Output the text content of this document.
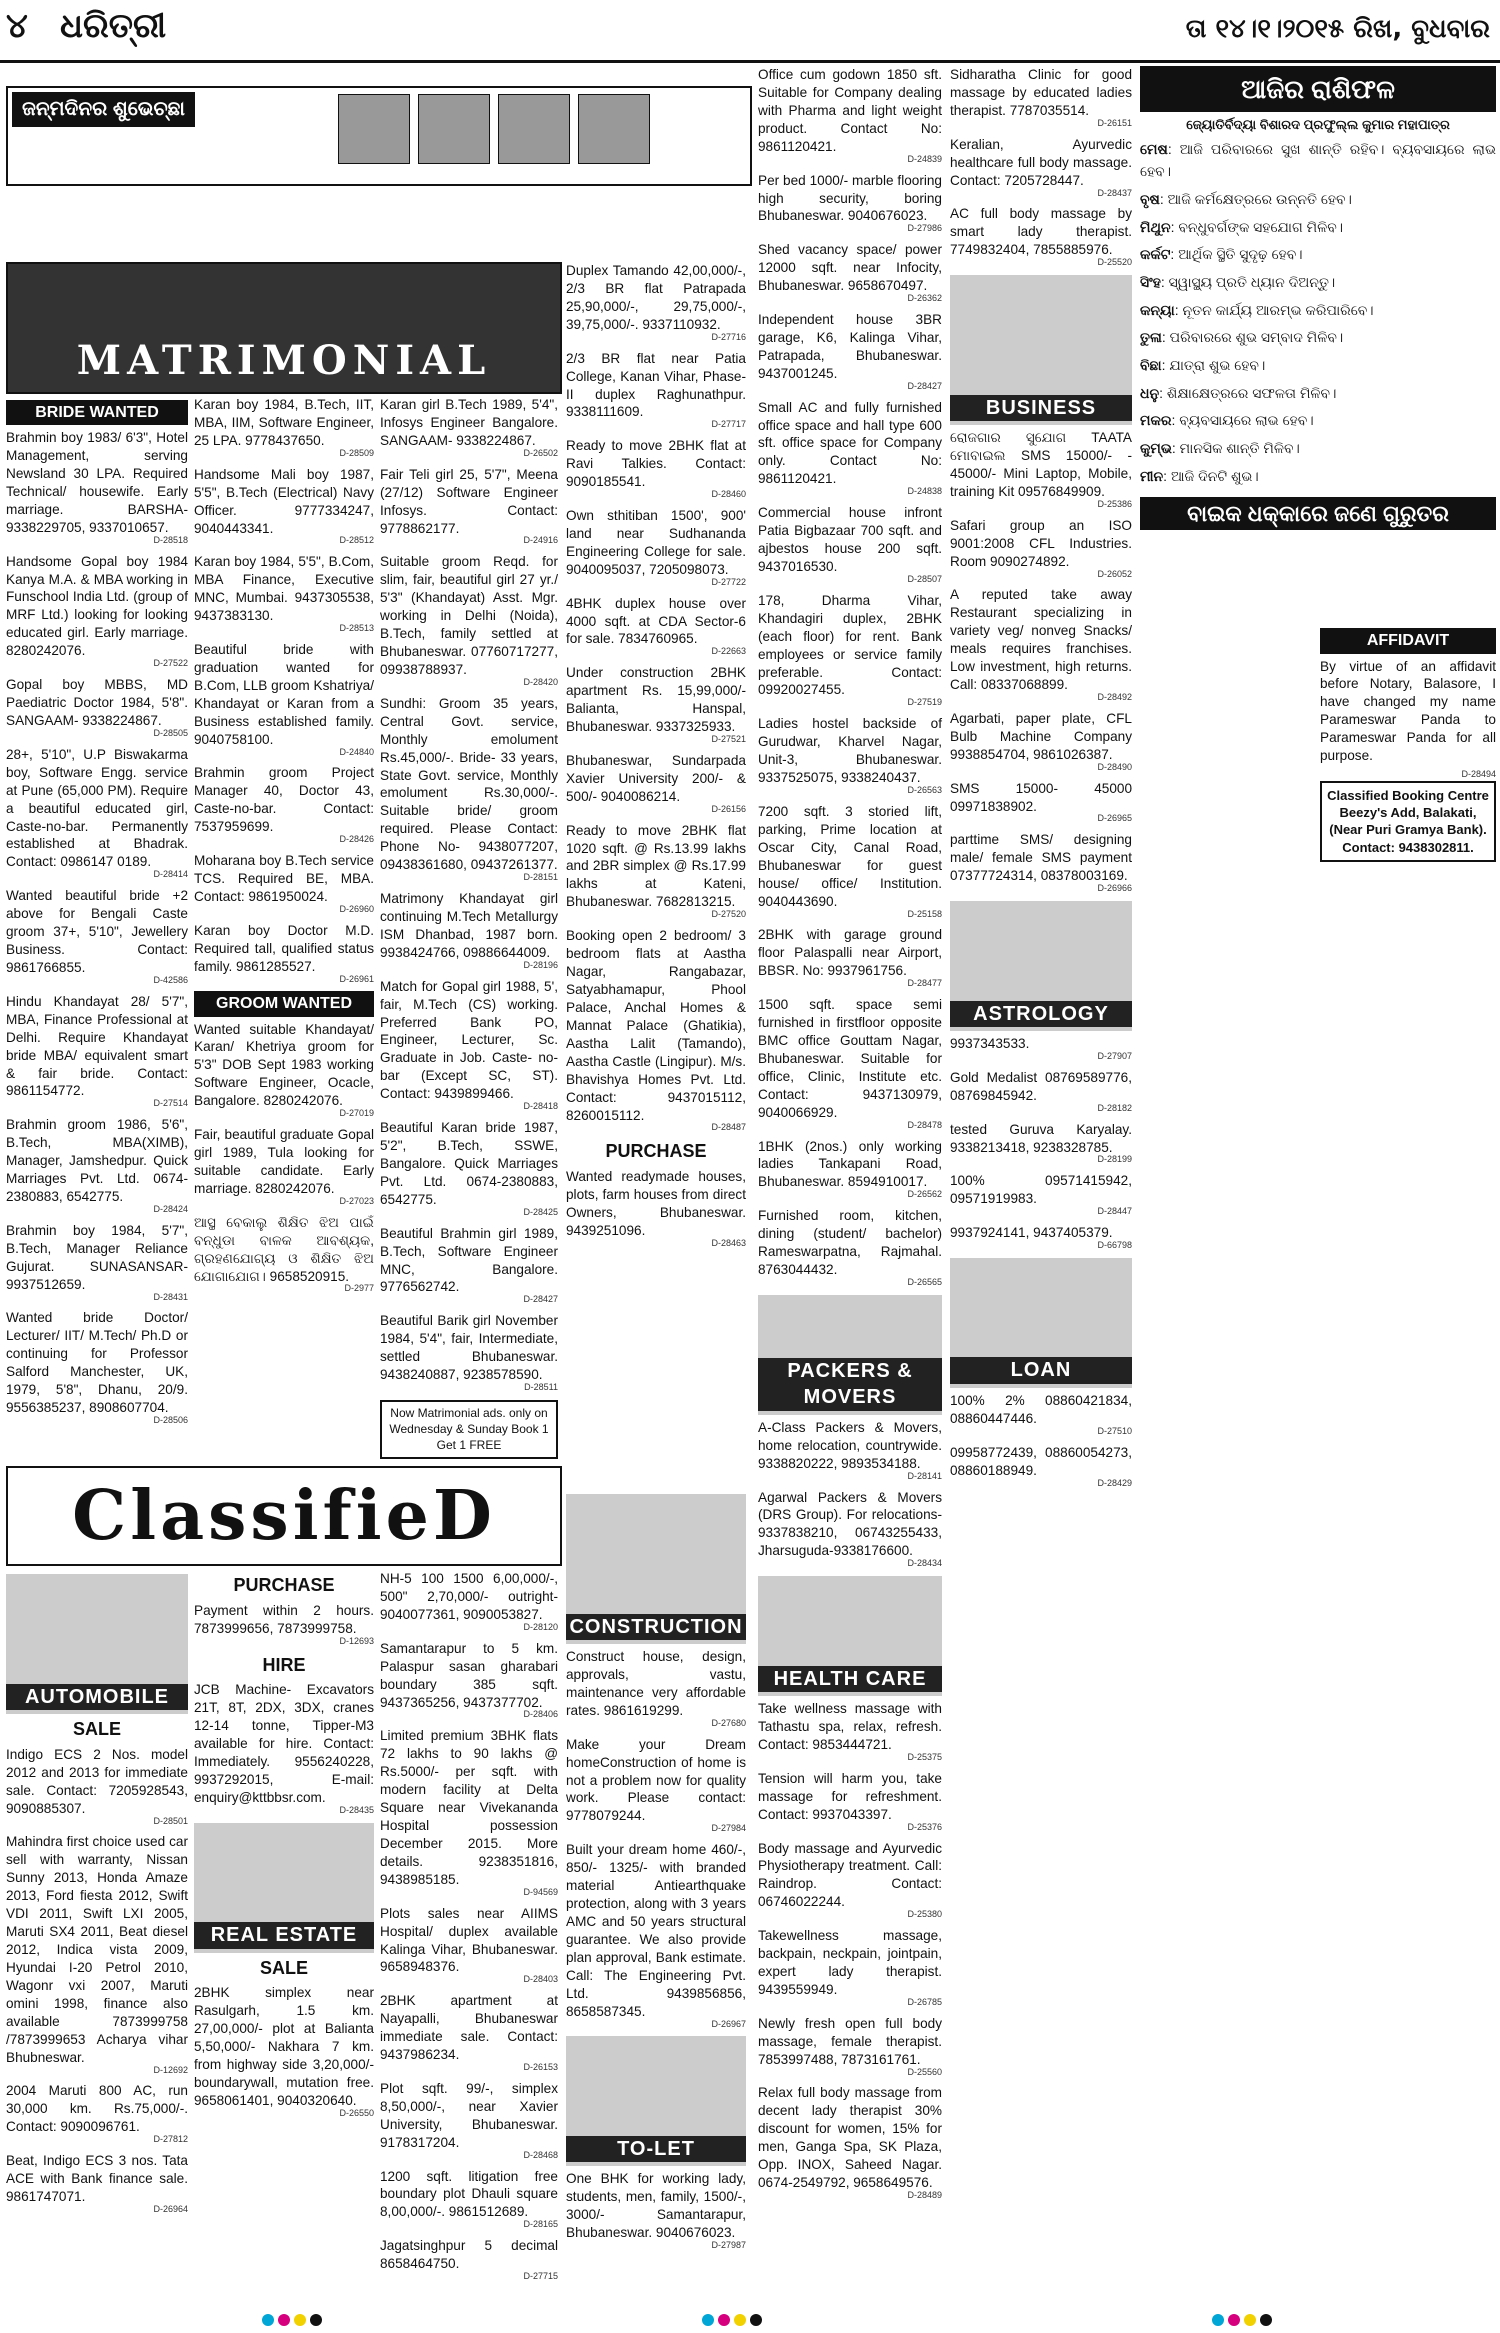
୪ ଧରିତ୍ରୀ	ତା ୧୪।୧।୨୦୧୫ ରିଖ, ବୁଧବାର
ଜନ୍ମଦିନର ଶୁଭେଚ୍ଛା
MATRIMONIAL
ClassifieD
BRIDE WANTED
Brahmin boy 1983/ 6'3", Hotel Management, serving Newsland 30 LPA. Required Technical/ housewife. Early marriage. BARSHA- 9338229705, 9337010657.
D-28518
Handsome Gopal boy 1984 Kanya M.A. & MBA working in Funschool India Ltd. (group of MRF Ltd.) looking for looking educated girl. Early marriage. 8280242076.
D-27522
Gopal boy MBBS, MD Paediatric Doctor 1984, 5'8". SANGAAM- 9338224867.
D-28505
28+, 5'10", U.P Biswakarma boy, Software Engg. service at Pune (65,000 PM). Require a beautiful educated girl, Caste-no-bar. Permanently established at Bhadrak. Contact: 0986147 0189.
D-28414
Wanted beautiful bride +2 above for Bengali Caste groom 37+, 5'10", Jewellery Business. Contact: 9861766855.
D-42586
Hindu Khandayat 28/ 5'7", MBA, Finance Professional at Delhi. Require Khandayat bride MBA/ equivalent smart & fair bride. Contact: 9861154772.
D-27514
Brahmin groom 1986, 5'6", B.Tech, MBA(XIMB), Manager, Jamshedpur. Quick Marriages Pvt. Ltd. 0674-2380883, 6542775.
D-28424
Brahmin boy 1984, 5'7", B.Tech, Manager Reliance Gujurat. SUNASANSAR- 9937512659.
D-28431
Wanted bride Doctor/ Lecturer/ IIT/ M.Tech/ Ph.D or continuing for Professor Salford Manchester, UK, 1979, 5'8", Dhanu, 20/9. 9556385237, 8908607704.
D-28506
Karan boy 1984, B.Tech, IIT, MBA, IIM, Software Engineer, 25 LPA. 9778437650.
D-28509
Handsome Mali boy 1987, 5'5", B.Tech (Electrical) Navy Officer. 9777334247, 9040443341.
D-28512
Karan boy 1984, 5'5", B.Com, MBA Finance, Executive MNC, Mumbai. 9437305538, 9437383130.
D-28513
Beautiful bride with graduation wanted for B.Com, LLB groom Kshatriya/ Khandayat or Karan from a Business established family. 9040758100.
D-24840
Brahmin groom Project Manager 40, Doctor 43, Caste-no-bar. Contact: 7537959699.
D-28426
Moharana boy B.Tech service TCS. Required BE, MBA. Contact: 9861950024.
D-26960
Karan boy Doctor M.D. Required tall, qualified status family. 9861285527.
D-26961
GROOM WANTED
Wanted suitable Khandayat/ Karan/ Khetriya groom for 5'3" DOB Sept 1983 working Software Engineer, Ocacle, Bangalore. 8280242076.
D-27019
Fair, beautiful graduate Gopal girl 1989, Tula looking for suitable candidate. Early marriage. 8280242076.
D-27023
ଆସ୍ଥ ବେକାଲୁ ଶିକ୍ଷିତ ଝିଅ ପାଇଁ ବନ୍ଧୁଡା ବାଳକ ଆବଶ୍ୟକ, ଗ୍ରହଣଯୋଗ୍ୟ ଓ ଶିକ୍ଷିତ ଝିଅ ଯୋଗାଯୋଗ। 9658520915.
D-2977
Karan girl B.Tech 1989, 5'4", Infosys Engineer Bangalore. SANGAAM- 9338224867.
D-26502
Fair Teli girl 25, 5'7", Meena (27/12) Software Engineer Infosys. Contact: 9778862177.
D-24916
Suitable groom Reqd. for slim, fair, beautiful girl 27 yr./ 5'3" (Khandayat) Asst. Mgr. working in Delhi (Noida), B.Tech, family settled at Bhubaneswar. 07760717277, 09938788937.
D-28420
Sundhi: Groom 35 years, Central Govt. service, Monthly emolument Rs.45,000/-. Bride- 33 years, State Govt. service, Monthly emolument Rs.30,000/-. Suitable bride/ groom required. Please Contact: Phone No- 9438077207, 09438361680, 09437261377.
D-28151
Matrimony Khandayat girl continuing M.Tech Metallurgy ISM Dhanbad, 1987 born. 9938424766, 09886644009.
D-28196
Match for Gopal girl 1988, 5', fair, M.Tech (CS) working. Preferred Bank PO, Engineer, Lecturer, Sc. Graduate in Job. Caste- no-bar (Except SC, ST). Contact: 9439899466.
D-28418
Beautiful Karan bride 1987, 5'2", B.Tech, SSWE, Bangalore. Quick Marriages Pvt. Ltd. 0674-2380883, 6542775.
D-28425
Beautiful Brahmin girl 1989, B.Tech, Software Engineer MNC, Bangalore. 9776562742.
D-28427
Beautiful Barik girl November 1984, 5'4", fair, Intermediate, settled Bhubaneswar. 9438240887, 9238578590.
D-28511
Now Matrimonial ads. only on Wednesday & Sunday Book 1 Get 1 FREE
Duplex Tamando 42,00,000/-, 2/3 BR flat Patrapada 25,90,000/-, 29,75,000/-, 39,75,000/-. 9337110932.
D-27716
2/3 BR flat near Patia College, Kanan Vihar, Phase-II duplex Raghunathpur. 9338111609.
D-27717
Ready to move 2BHK flat at Ravi Talkies. Contact: 9090185541.
D-28460
Own sthitiban 1500', 900' land near Sudhananda Engineering College for sale. 9040095037, 7205098073.
D-27722
4BHK duplex house over 4000 sqft. at CDA Sector-6 for sale. 7834760965.
D-22663
Under construction 2BHK apartment Rs. 15,99,000/- Balianta, Hanspal, Bhubaneswar. 9337325933.
D-27521
Bhubaneswar, Sundarpada Xavier University 200/- & 500/- 9040086214.
D-26156
Ready to move 2BHK flat 1020 sqft. @ Rs.13.99 lakhs and 2BR simplex @ Rs.17.99 lakhs at Kateni, Bhubaneswar. 7682813215.
D-27520
Booking open 2 bedroom/ 3 bedroom flats at Aastha Nagar, Rangabazar, Satyabhamapur, Phool Palace, Anchal Homes & Mannat Palace (Ghatikia), Aastha Lalit (Tamando), Aastha Castle (Lingipur). M/s. Bhavishya Homes Pvt. Ltd. Contact: 9437015112, 8260015112.
D-28487
PURCHASE
Wanted readymade houses, plots, farm houses from direct Owners, Bhubaneswar. 9439251096.
D-28463
Office cum godown 1850 sft. Suitable for Company dealing with Pharma and light weight product. Contact No: 9861120421.
D-24839
Per bed 1000/- marble flooring high security, boring Bhubaneswar. 9040676023.
D-27986
Shed vacancy space/ power 12000 sqft. near Infocity, Bhubaneswar. 9658670497.
D-26362
Independent house 3BR garage, K6, Kalinga Vihar, Patrapada, Bhubaneswar. 9437001245.
D-28427
Small AC and fully furnished office space and hall type 600 sft. office space for Company only. Contact No: 9861120421.
D-24838
Commercial house infront Patia Bigbazaar 700 sqft. and ajbestos house 200 sqft. 9437016530.
D-28507
178, Dharma Vihar, Khandagiri duplex, 2BHK (each floor) for rent. Bank employees or service family preferable. Contact: 09920027455.
D-27519
Ladies hostel backside of Gurudwar, Kharvel Nagar, Unit-3, Bhubaneswar. 9337525075, 9338240437.
D-26563
7200 sqft. 3 storied lift, parking, Prime location at Oscar City, Canal Road, Bhubaneswar for guest house/ office/ Institution. 9040443690.
D-25158
2BHK with garage ground floor Palaspalli near Airport, BBSR. No: 9937961756.
D-28477
1500 sqft. space semi furnished in firstfloor opposite BMC office Gouttam Nagar, Bhubaneswar. Suitable for office, Clinic, Institute etc. Contact: 9437130979, 9040066929.
D-28478
1BHK (2nos.) only working ladies Tankapani Road, Bhubaneswar. 8594910017.
D-26562
Furnished room, kitchen, dining (student/ bachelor) Rameswarpatna, Rajmahal. 8763044432.
D-26565
PACKERS & MOVERS
A-Class Packers & Movers, home relocation, countrywide. 9338820222, 9893534188.
D-28141
Agarwal Packers & Movers (DRS Group). For relocations- 9337838210, 06743255433, Jharsuguda-9338176600.
D-28434
HEALTH CARE
Take wellness massage with Tathastu spa, relax, refresh. Contact: 9853444721.
D-25375
Tension will harm you, take massage for refreshment. Contact: 9937043397.
D-25376
Body massage and Ayurvedic Physiotherapy treatment. Call: Raindrop. Contact: 06746022244.
D-25380
Takewellness massage, backpain, neckpain, jointpain, expert lady therapist. 9439559949.
D-26785
Newly fresh open full body massage, female therapist. 7853997488, 7873161761.
D-25560
Relax full body massage from decent lady therapist 30% discount for women, 15% for men, Ganga Spa, SK Plaza, Opp. INOX, Saheed Nagar. 0674-2549792, 9658649576.
D-28489
Sidharatha Clinic for good massage by educated ladies therapist. 7787035514.
D-26151
Keralian, Ayurvedic healthcare full body massage. Contact: 7205728447.
D-28437
AC full body massage by smart lady therapist. 7749832404, 7855885976.
D-25520
BUSINESS
ରୋଜଗାର ସୁଯୋଗ TAATA ମୋବାଇଲ SMS 15000/- - 45000/- Mini Laptop, Mobile, training Kit 09576849909.
D-25386
Safari group an ISO 9001:2008 CFL Industries. Room 9090274892.
D-26052
A reputed take away Restaurant specializing in variety veg/ nonveg Snacks/ meals requires franchises. Low investment, high returns. Call: 08337068899.
D-28492
Agarbati, paper plate, CFL Bulb Machine Company 9938854704, 9861026387.
D-28490
SMS 15000- 45000 09971838902.
D-26965
parttime SMS/ designing male/ female SMS payment 07377724314, 08378003169.
D-26966
ASTROLOGY
9937343533.
D-27907
Gold Medalist 08769589776, 08769845942.
D-28182
tested Guruva Karyalay. 9338213418, 9238328785.
D-28199
100% 09571415942, 09571919983.
D-28447
9937924141, 9437405379.
D-66798
LOAN
100% 2% 08860421834, 08860447446.
D-27510
09958772439, 08860054273, 08860188949.
D-28429
ଆଜିର ରାଶିଫଳ
ଜ୍ୟୋତିର୍ବିଦ୍ୟା ବିଶାରଦ ପ୍ରଫୁଲ୍ଲ କୁମାର ମହାପାତ୍ର
ମେଷ: ଆଜି ପରିବାରରେ ସୁଖ ଶାନ୍ତି ରହିବ। ବ୍ୟବସାୟରେ ଲାଭ ହେବ।
ବୃଷ: ଆଜି କର୍ମକ୍ଷେତ୍ରରେ ଉନ୍ନତି ହେବ।
ମିଥୁନ: ବନ୍ଧୁବର୍ଗଙ୍କ ସହଯୋଗ ମିଳିବ।
କର୍କଟ: ଆର୍ଥିକ ସ୍ଥିତି ସୁଦୃଢ଼ ହେବ।
ସିଂହ: ସ୍ୱାସ୍ଥ୍ୟ ପ୍ରତି ଧ୍ୟାନ ଦିଅନ୍ତୁ।
କନ୍ୟା: ନୂତନ କାର୍ଯ୍ୟ ଆରମ୍ଭ କରିପାରିବେ।
ତୁଳା: ପରିବାରରେ ଶୁଭ ସମ୍ବାଦ ମିଳିବ।
ବିଛା: ଯାତ୍ରା ଶୁଭ ହେବ।
ଧନୁ: ଶିକ୍ଷାକ୍ଷେତ୍ରରେ ସଫଳତା ମିଳିବ।
ମକର: ବ୍ୟବସାୟରେ ଲାଭ ହେବ।
କୁମ୍ଭ: ମାନସିକ ଶାନ୍ତି ମିଳିବ।
ମୀନ: ଆଜି ଦିନଟି ଶୁଭ।
ବାଇକ ଧକ୍କାରେ ଜଣେ ଗୁରୁତର
AFFIDAVIT
By virtue of an affidavit before Notary, Balasore, I have changed my name Parameswar Panda to Parameswar Panda for all purpose.
D-28494
Classified Booking Centre Beezy's Add, Balakati, (Near Puri Gramya Bank). Contact: 9438302811.
AUTOMOBILE
SALE
Indigo ECS 2 Nos. model 2012 and 2013 for immediate sale. Contact: 7205928543, 9090885307.
D-28501
Mahindra first choice used car sell with warranty, Nissan Sunny 2013, Honda Amaze 2013, Ford fiesta 2012, Swift VDI 2011, Swift LXI 2005, Maruti SX4 2011, Beat diesel 2012, Indica vista 2009, Hyundai I-20 Petrol 2010, Wagonr vxi 2007, Maruti omini 1998, finance also available 7873999758 /7873999653 Acharya vihar Bhubneswar.
D-12692
2004 Maruti 800 AC, run 30,000 km. Rs.75,000/-. Contact: 9090096761.
D-27812
Beat, Indigo ECS 3 nos. Tata ACE with Bank finance sale. 9861747071.
D-26964
PURCHASE
Payment within 2 hours. 7873999656, 7873999758.
D-12693
HIRE
JCB Machine- Excavators 21T, 8T, 2DX, 3DX, cranes 12-14 tonne, Tipper-M3 available for hire. Contact: Immediately. 9556240228, 9937292015, E-mail: enquiry@kttbbsr.com.
D-28435
REAL ESTATE
SALE
2BHK simplex near Rasulgarh, 1.5 km. 27,00,000/- plot at Balianta 5,50,000/- Nakhara 7 km. from highway side 3,20,000/- boundarywall, mutation free. 9658061401, 9040320640.
D-26550
NH-5 100 1500 6,00,000/-, 500" 2,70,000/- outright- 9040077361, 9090053827.
D-28120
Samantarapur to 5 km. Palaspur sasan gharabari boundary 385 sqft. 9437365256, 9437377702.
D-28406
Limited premium 3BHK flats 72 lakhs to 90 lakhs @ Rs.5000/- per sqft. with modern facility at Delta Square near Vivekananda Hospital possession December 2015. More details. 9238351816, 9438985185.
D-94569
Plots sales near AIIMS Hospital/ duplex available Kalinga Vihar, Bhubaneswar. 9658948376.
D-28403
2BHK apartment at Nayapalli, Bhubaneswar immediate sale. Contact: 9437986234.
D-26153
Plot sqft. 99/-, simplex 8,50,000/-, near Xavier University, Bhubaneswar. 9178317204.
D-28468
1200 sqft. litigation free boundary plot Dhauli square 8,00,000/-. 9861512689.
D-28165
Jagatsinghpur 5 decimal 8658464750.
D-27715
CONSTRUCTION
Construct house, design, approvals, vastu, maintenance very affordable rates. 9861619299.
D-27680
Make your Dream homeConstruction of home is not a problem now for quality work. Please contact: 9778079244.
D-27984
Built your dream home 460/-, 850/- 1325/- with branded material Antiearthquake protection, along with 3 years AMC and 50 years structural guarantee. We also provide plan approval, Bank estimate. Call: The Engineering Pvt. Ltd. 9439856856, 8658587345.
D-26967
TO-LET
One BHK for working lady, students, men, family, 1500/-, 3000/- Samantarapur, Bhubaneswar. 9040676023.
D-27987
